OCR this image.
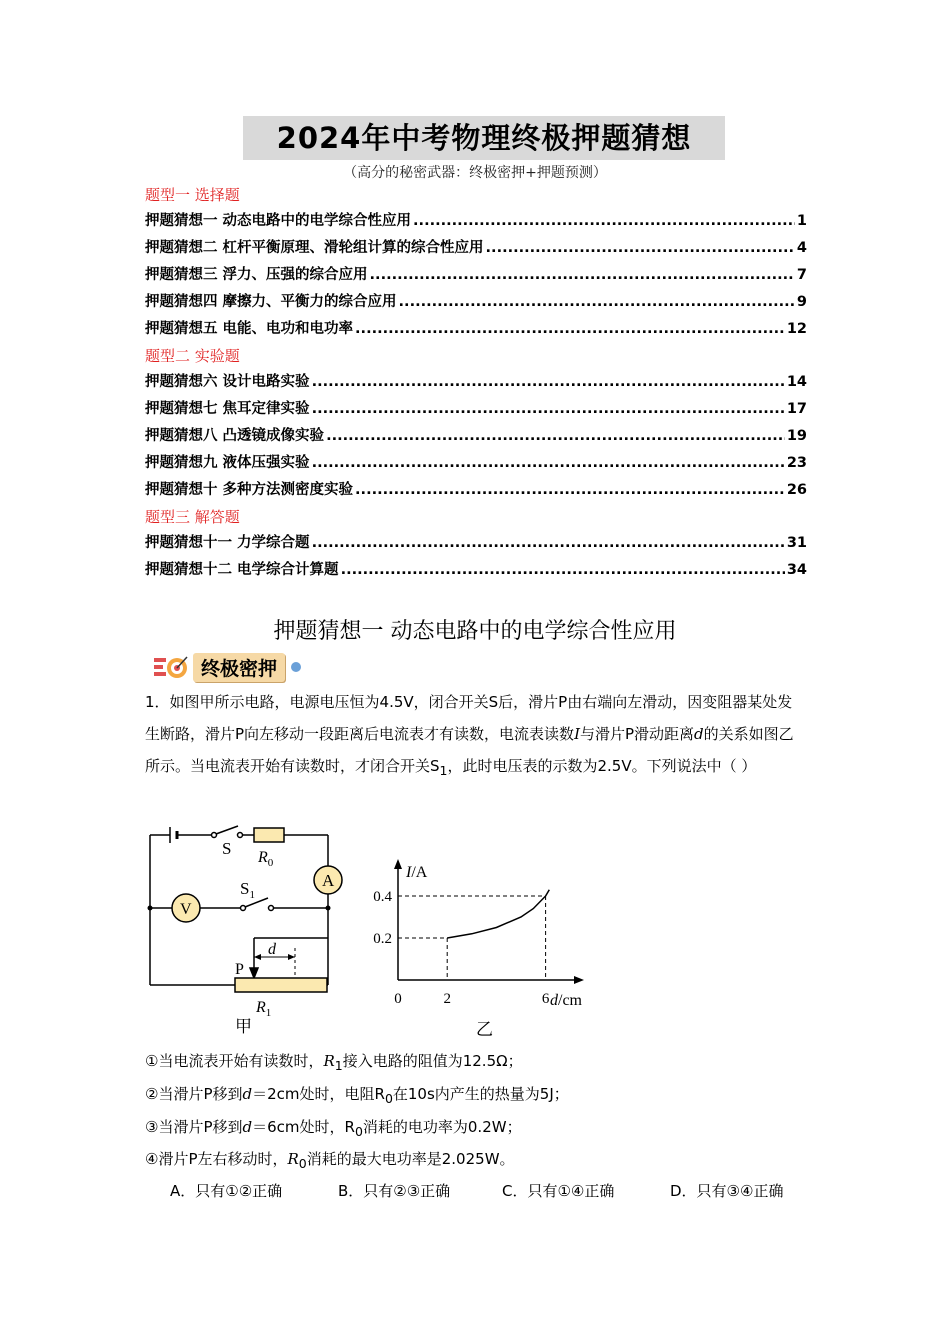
2024年中考物理终极押题猜想
（高分的秘密武器：终极密押+押题预测）
题型一 选择题
押题猜想一 动态电路中的电学综合性应用 .....	1
押题猜想二 杠杆平衡原理、滑轮组计算的综合性应用 .....	4
押题猜想三 浮力、压强的综合应用 .....	7
押题猜想四 摩擦力、平衡力的综合应用 .....	9
押题猜想五 电能、电功和电功率 .....	12
题型二 实验题
押题猜想六 设计电路实验 .....	14
押题猜想七 焦耳定律实验 .....	17
押题猜想八 凸透镜成像实验 .....	19
押题猜想九 液体压强实验 .....	23
押题猜想十 多种方法测密度实验 .....	26
题型三 解答题
押题猜想十一 力学综合题 .....	31
押题猜想十二 电学综合计算题 .....	34
押题猜想一 动态电路中的电学综合性应用
终极密押
1．如图甲所示电路，电源电压恒为4.5V，闭合开关S后，滑片P由右端向左滑动，因变阻器某处发生断路，滑片P向左移动一段距离后电流表才有读数，电流表读数I与滑片P滑动距离d的关系如图乙所示。当电流表开始有读数时，才闭合开关$S_1$，此时电压表的示数为2.5V。下列说法中（ ）
S $R_0$
A
V
$S_1$
d
P
$R_1$
甲
0.4
0.2
0	2	6
I/A
d/cm
乙
①当电流表开始有读数时，$R_1$接入电路的阻值为12.5Ω；
②当滑片P移到d＝2cm处时，电阻$R_0$在10s内产生的热量为5J；
③当滑片P移到d＝6cm处时，$R_0$消耗的电功率为0.2W；
④滑片P左右移动时，$R_0$消耗的最大电功率是2.025W。
A．只有①②正确	B．只有②③正确	C．只有①④正确	D．只有③④正确
